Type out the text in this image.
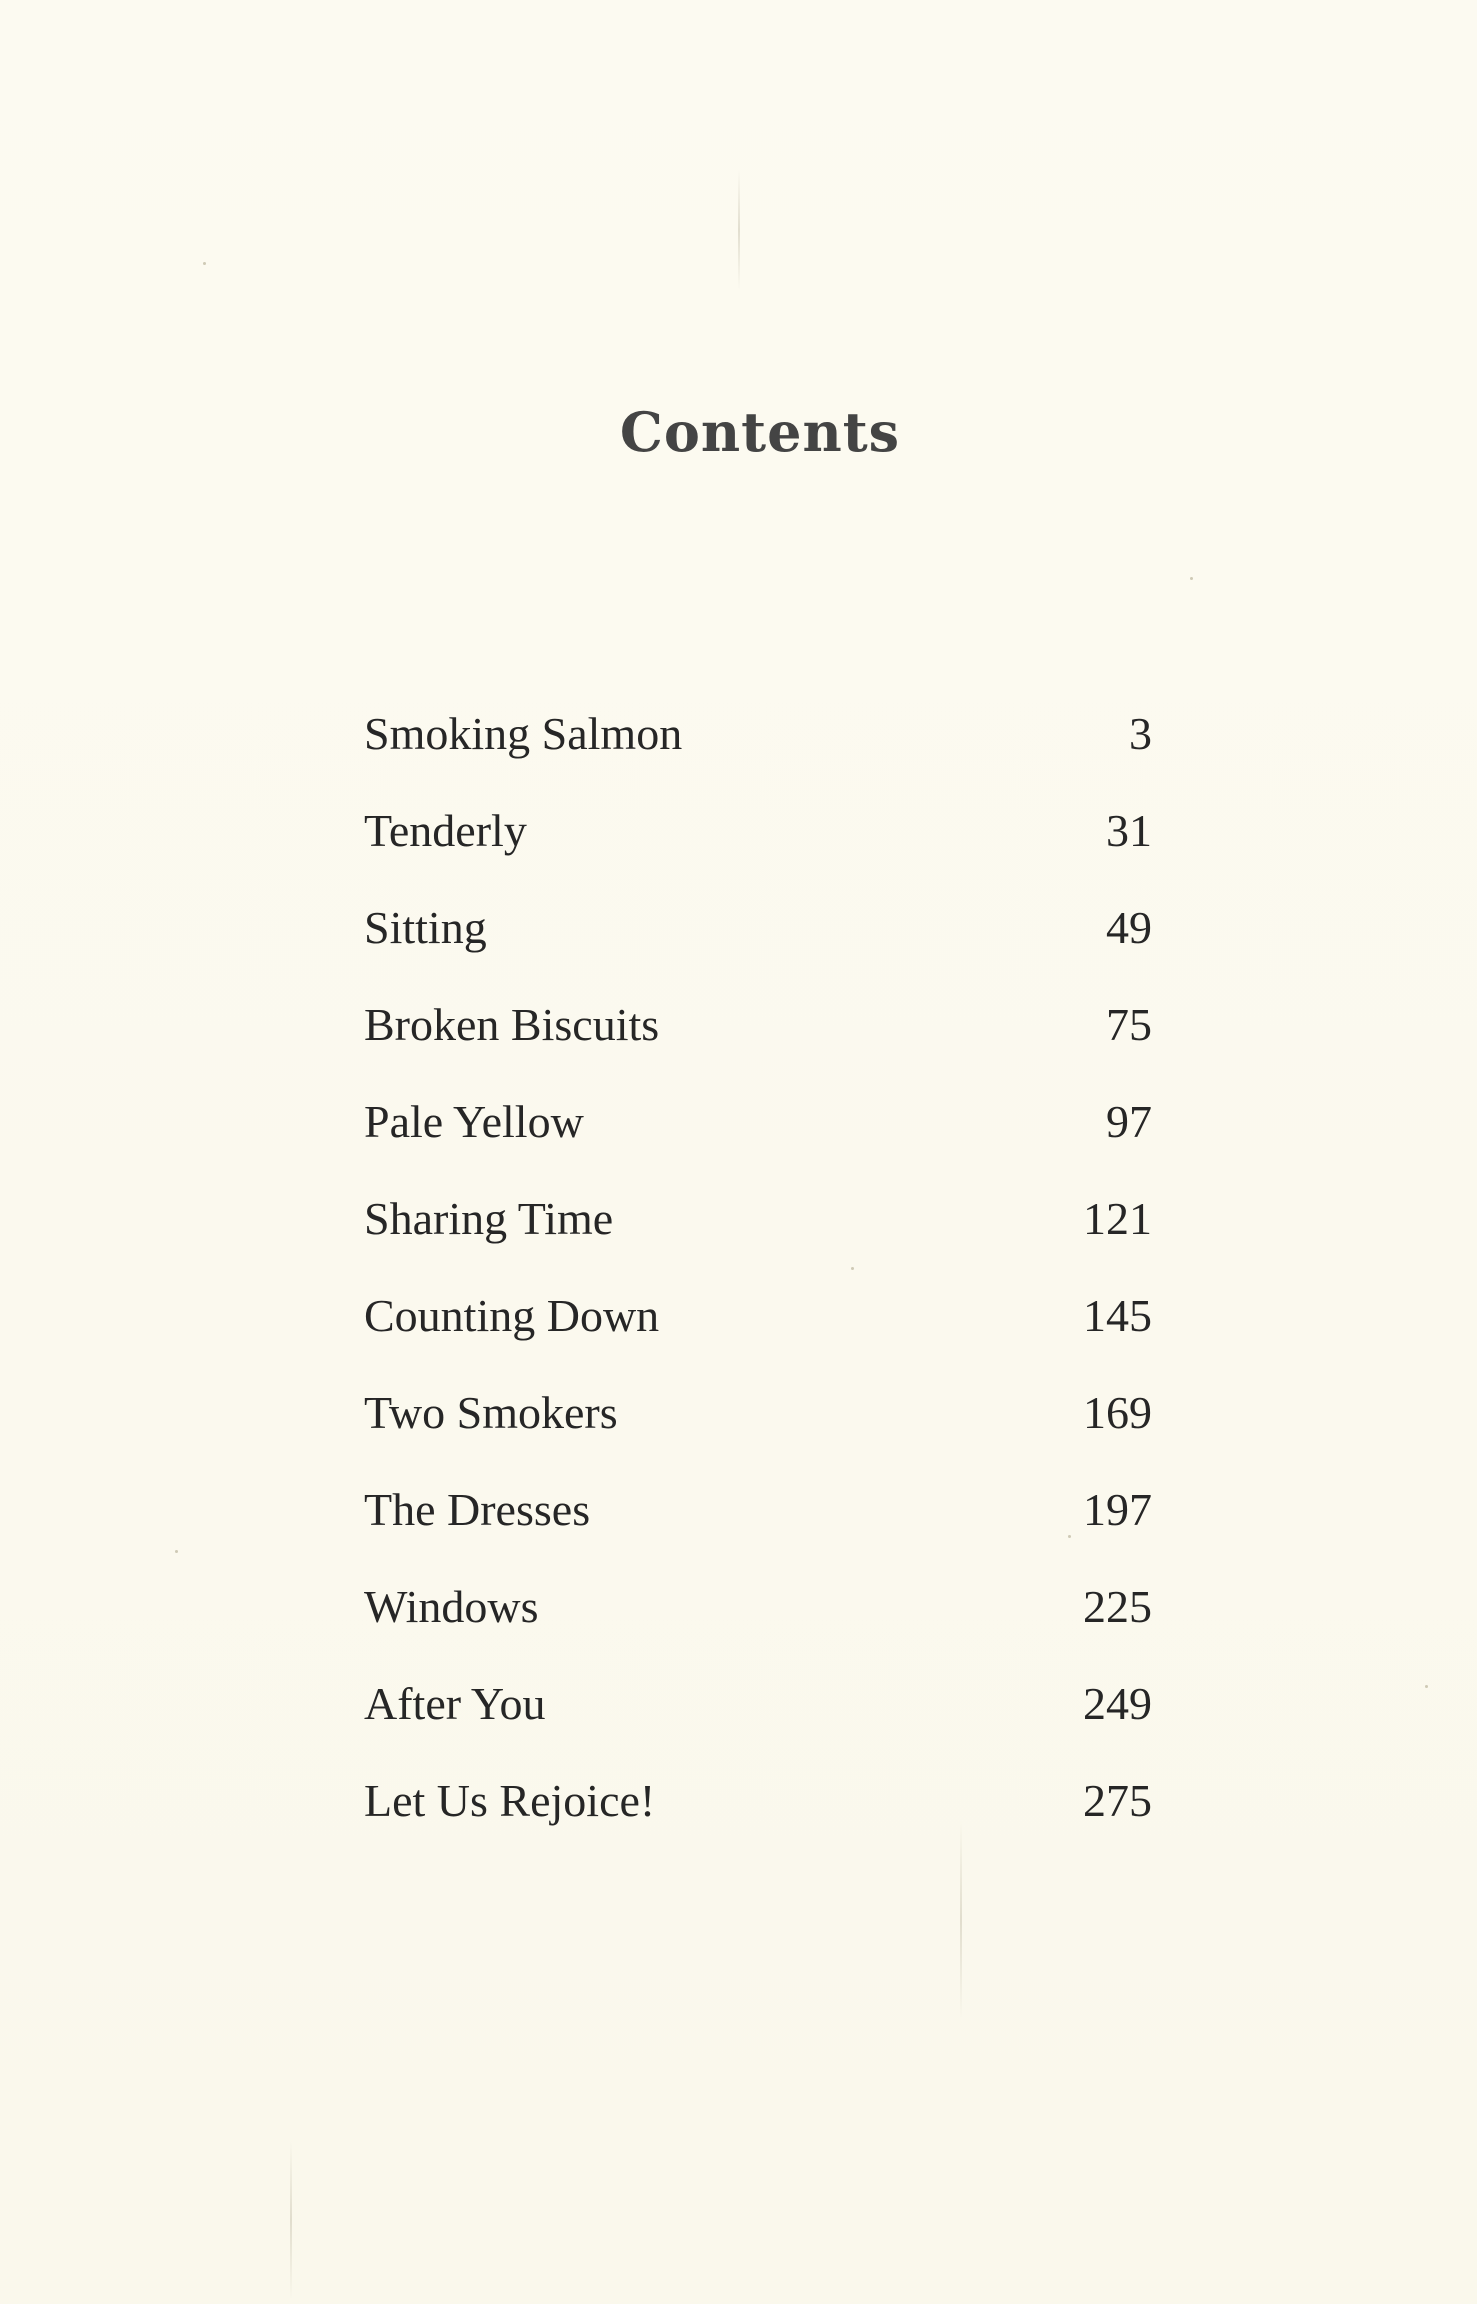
Contents
Smoking Salmon	3
Tenderly	31
Sitting	49
Broken Biscuits	75
Pale Yellow	97
Sharing Time	121
Counting Down	145
Two Smokers	169
The Dresses	197
Windows	225
After You	249
Let Us Rejoice!	275
